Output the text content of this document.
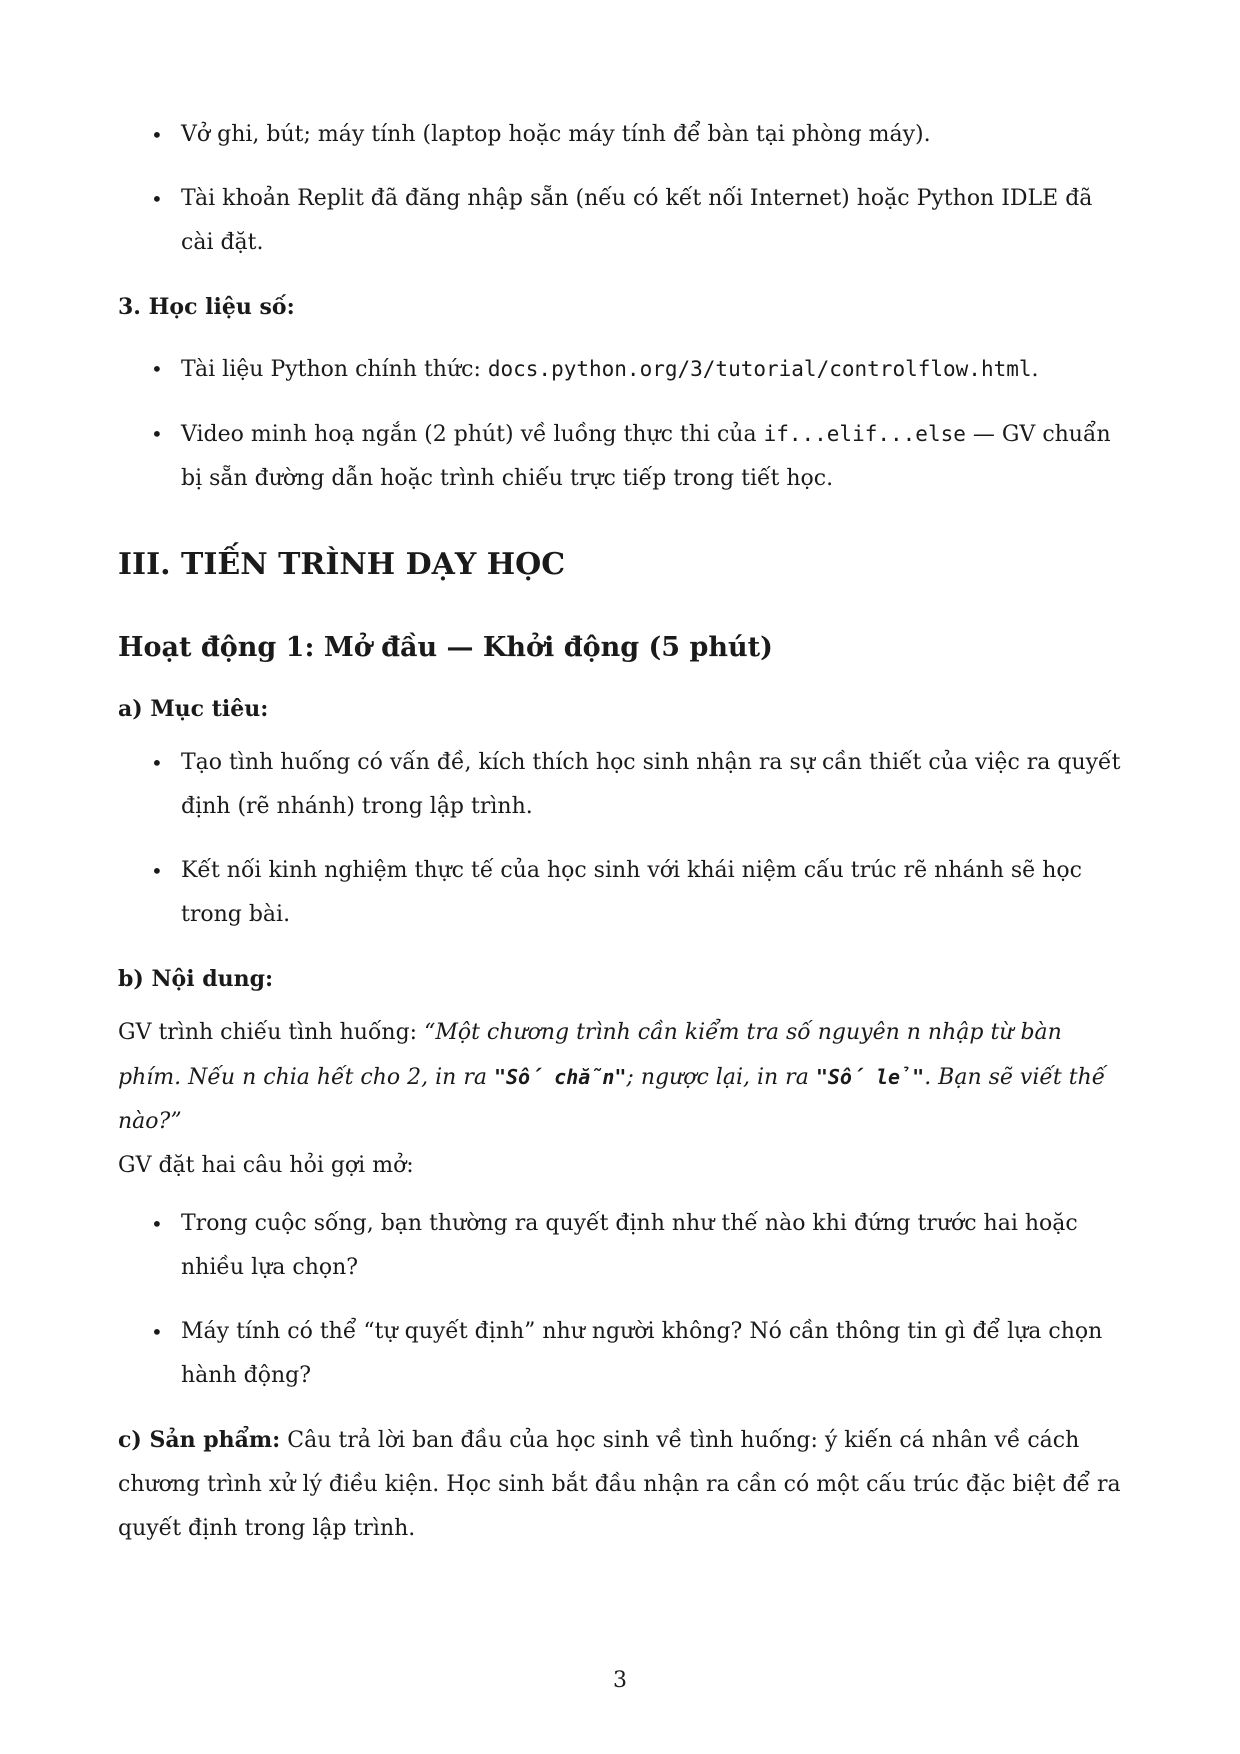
• Vở ghi, bút; máy tính (laptop hoặc máy tính để bàn tại phòng máy).
• Tài khoản Replit đã đăng nhập sẵn (nếu có kết nối Internet) hoặc Python IDLE đã cài đặt.
3. Học liệu số:
• Tài liệu Python chính thức: docs.python.org/3/tutorial/controlflow.html.
• Video minh hoạ ngắn (2 phút) về luồng thực thi của if...elif...else — GV chuẩn bị sẵn đường dẫn hoặc trình chiếu trực tiếp trong tiết học.
III. TIẾN TRÌNH DẠY HỌC
Hoạt động 1: Mở đầu — Khởi động (5 phút)
a) Mục tiêu:
• Tạo tình huống có vấn đề, kích thích học sinh nhận ra sự cần thiết của việc ra quyết định (rẽ nhánh) trong lập trình.
• Kết nối kinh nghiệm thực tế của học sinh với khái niệm cấu trúc rẽ nhánh sẽ học trong bài.
b) Nội dung:

GV trình chiếu tình huống: “Một chương trình cần kiểm tra số nguyên n nhập từ bàn phím. Nếu n chia hết cho 2, in ra "Số chẵn"; ngược lại, in ra "Số lẻ". Bạn sẽ viết thế nào?”

GV đặt hai câu hỏi gợi mở:

• Trong cuộc sống, bạn thường ra quyết định như thế nào khi đứng trước hai hoặc nhiều lựa chọn?
• Máy tính có thể “tự quyết định” như người không? Nó cần thông tin gì để lựa chọn hành động?

c) Sản phẩm: Câu trả lời ban đầu của học sinh về tình huống: ý kiến cá nhân về cách chương trình xử lý điều kiện. Học sinh bắt đầu nhận ra cần có một cấu trúc đặc biệt để ra quyết định trong lập trình.

3
